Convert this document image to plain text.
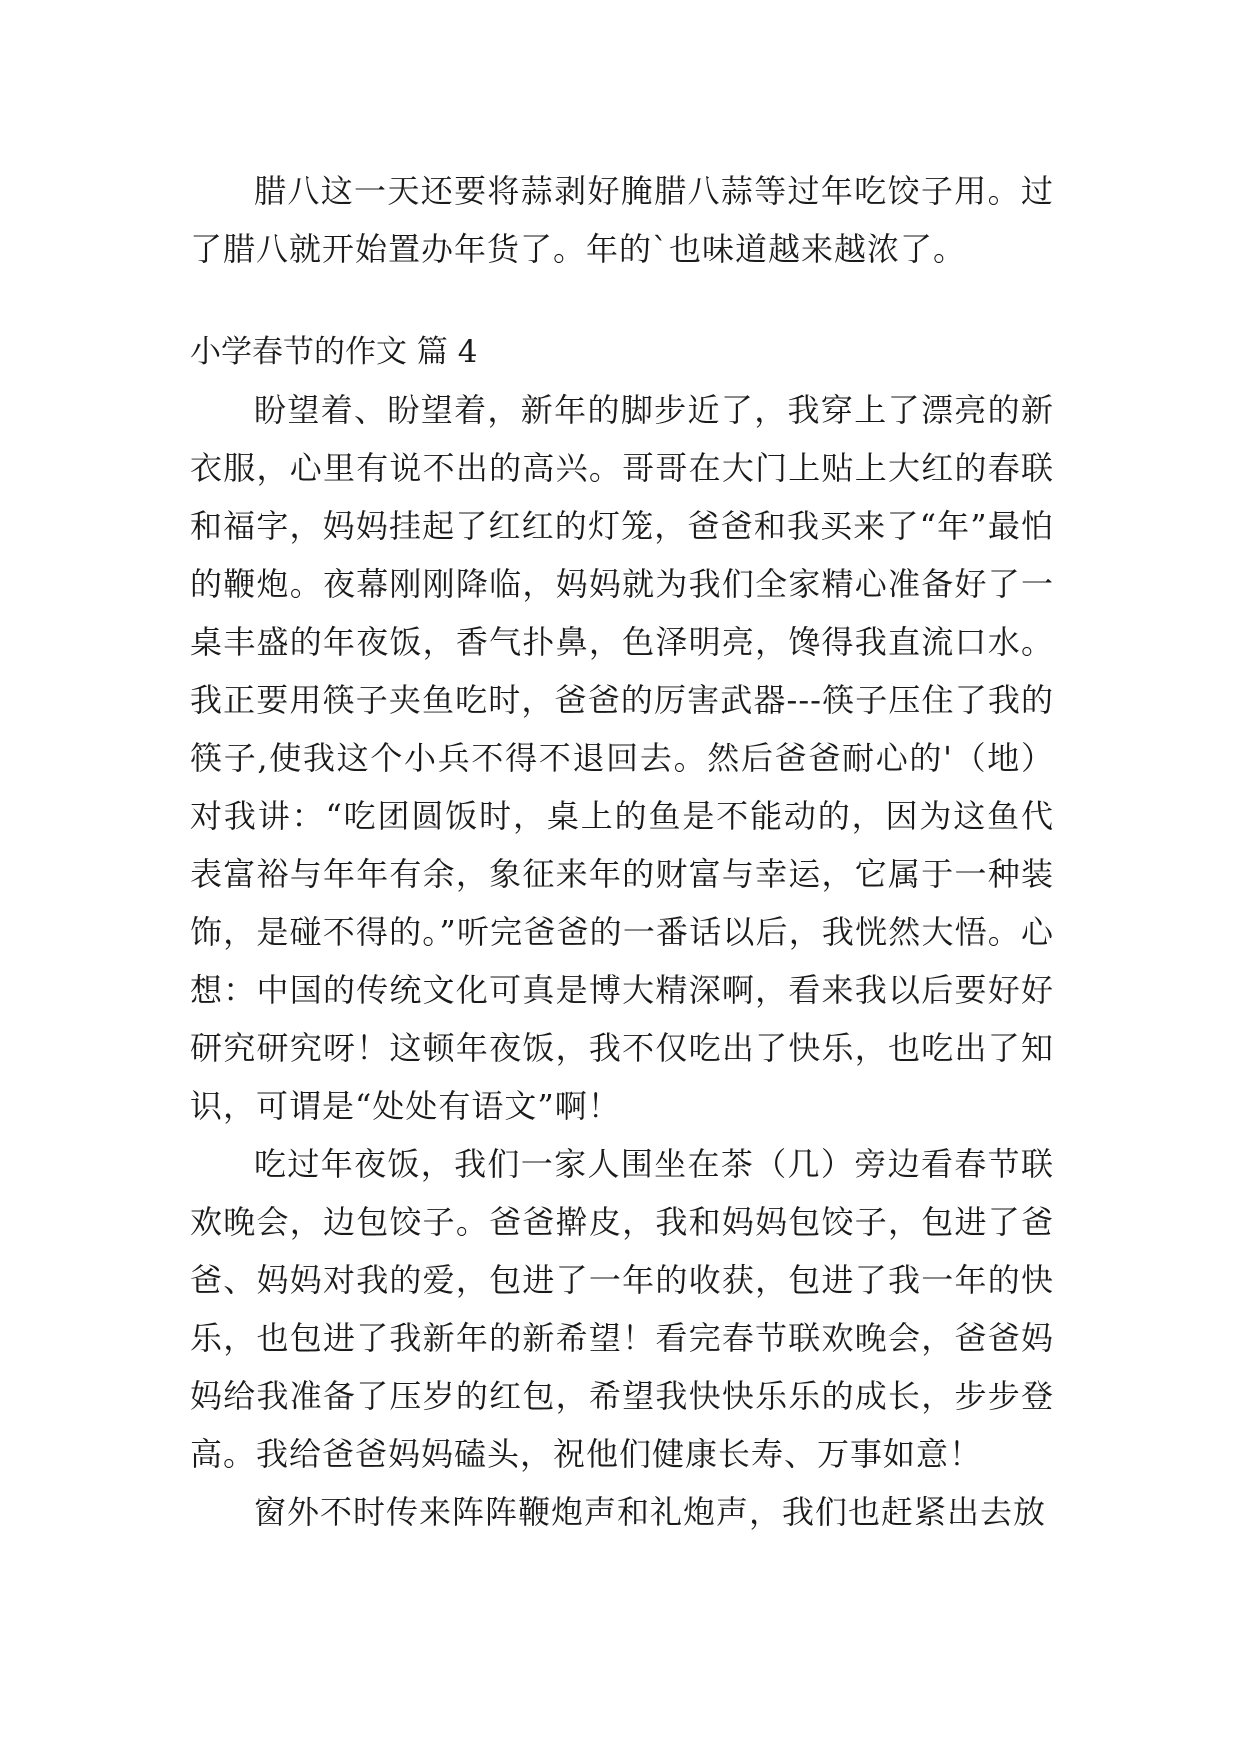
腊八这一天还要将蒜剥好腌腊八蒜等过年吃饺子用。过了腊八就开始置办年货了。年的`也味道越来越浓了。

小学春节的作文 篇 4

盼望着、盼望着，新年的脚步近了，我穿上了漂亮的新衣服，心里有说不出的高兴。哥哥在大门上贴上大红的春联和福字，妈妈挂起了红红的灯笼，爸爸和我买来了“年”最怕的鞭炮。夜幕刚刚降临，妈妈就为我们全家精心准备好了一桌丰盛的年夜饭，香气扑鼻，色泽明亮，馋得我直流口水。我正要用筷子夹鱼吃时，爸爸的厉害武器---筷子压住了我的筷子,使我这个小兵不得不退回去。然后爸爸耐心的'（地）对我讲：“吃团圆饭时，桌上的鱼是不能动的，因为这鱼代表富裕与年年有余，象征来年的财富与幸运，它属于一种装饰，是碰不得的。”听完爸爸的一番话以后，我恍然大悟。心想：中国的传统文化可真是博大精深啊，看来我以后要好好研究研究呀！这顿年夜饭，我不仅吃出了快乐，也吃出了知识，可谓是“处处有语文”啊！

吃过年夜饭，我们一家人围坐在茶（几）旁边看春节联欢晚会，边包饺子。爸爸擀皮，我和妈妈包饺子，包进了爸爸、妈妈对我的爱，包进了一年的收获，包进了我一年的快乐，也包进了我新年的新希望！看完春节联欢晚会，爸爸妈妈给我准备了压岁的红包，希望我快快乐乐的成长，步步登高。我给爸爸妈妈磕头，祝他们健康长寿、万事如意！

窗外不时传来阵阵鞭炮声和礼炮声，我们也赶紧出去放
